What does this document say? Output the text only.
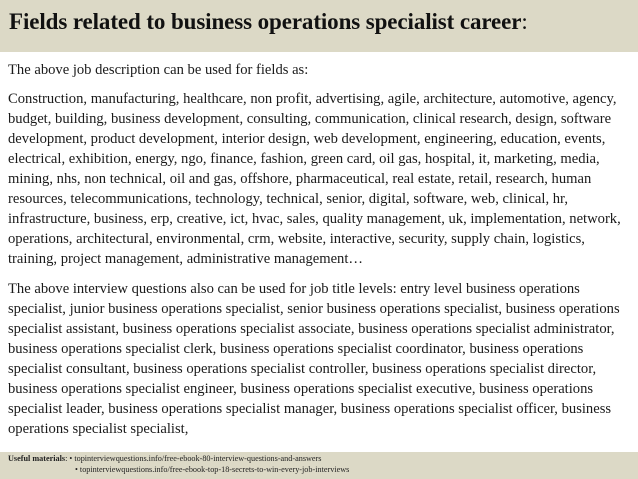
Fields related to business operations specialist career:

The above job description can be used for fields as:

Construction, manufacturing, healthcare, non profit, advertising, agile, architecture, automotive, agency, budget, building, business development, consulting, communication, clinical research, design, software development, product development, interior design, web development, engineering, education, events, electrical, exhibition, energy, ngo, finance, fashion, green card, oil gas, hospital, it, marketing, media, mining, nhs, non technical, oil and gas, offshore, pharmaceutical, real estate, retail, research, human resources, telecommunications, technology, technical, senior, digital, software, web, clinical, hr, infrastructure, business, erp, creative, ict, hvac, sales, quality management, uk, implementation, network, operations, architectural, environmental, crm, website, interactive, security, supply chain, logistics, training, project management, administrative management…

The above interview questions also can be used for job title levels: entry level business operations specialist, junior business operations specialist, senior business operations specialist, business operations specialist assistant, business operations specialist associate, business operations specialist administrator, business operations specialist clerk, business operations specialist coordinator, business operations specialist consultant, business operations specialist controller, business operations specialist director, business operations specialist engineer, business operations specialist executive, business operations specialist leader, business operations specialist manager, business operations specialist officer, business operations specialist specialist,

Useful materials: • topinterviewquestions.info/free-ebook-80-interview-questions-and-answers
• topinterviewquestions.info/free-ebook-top-18-secrets-to-win-every-job-interviews
